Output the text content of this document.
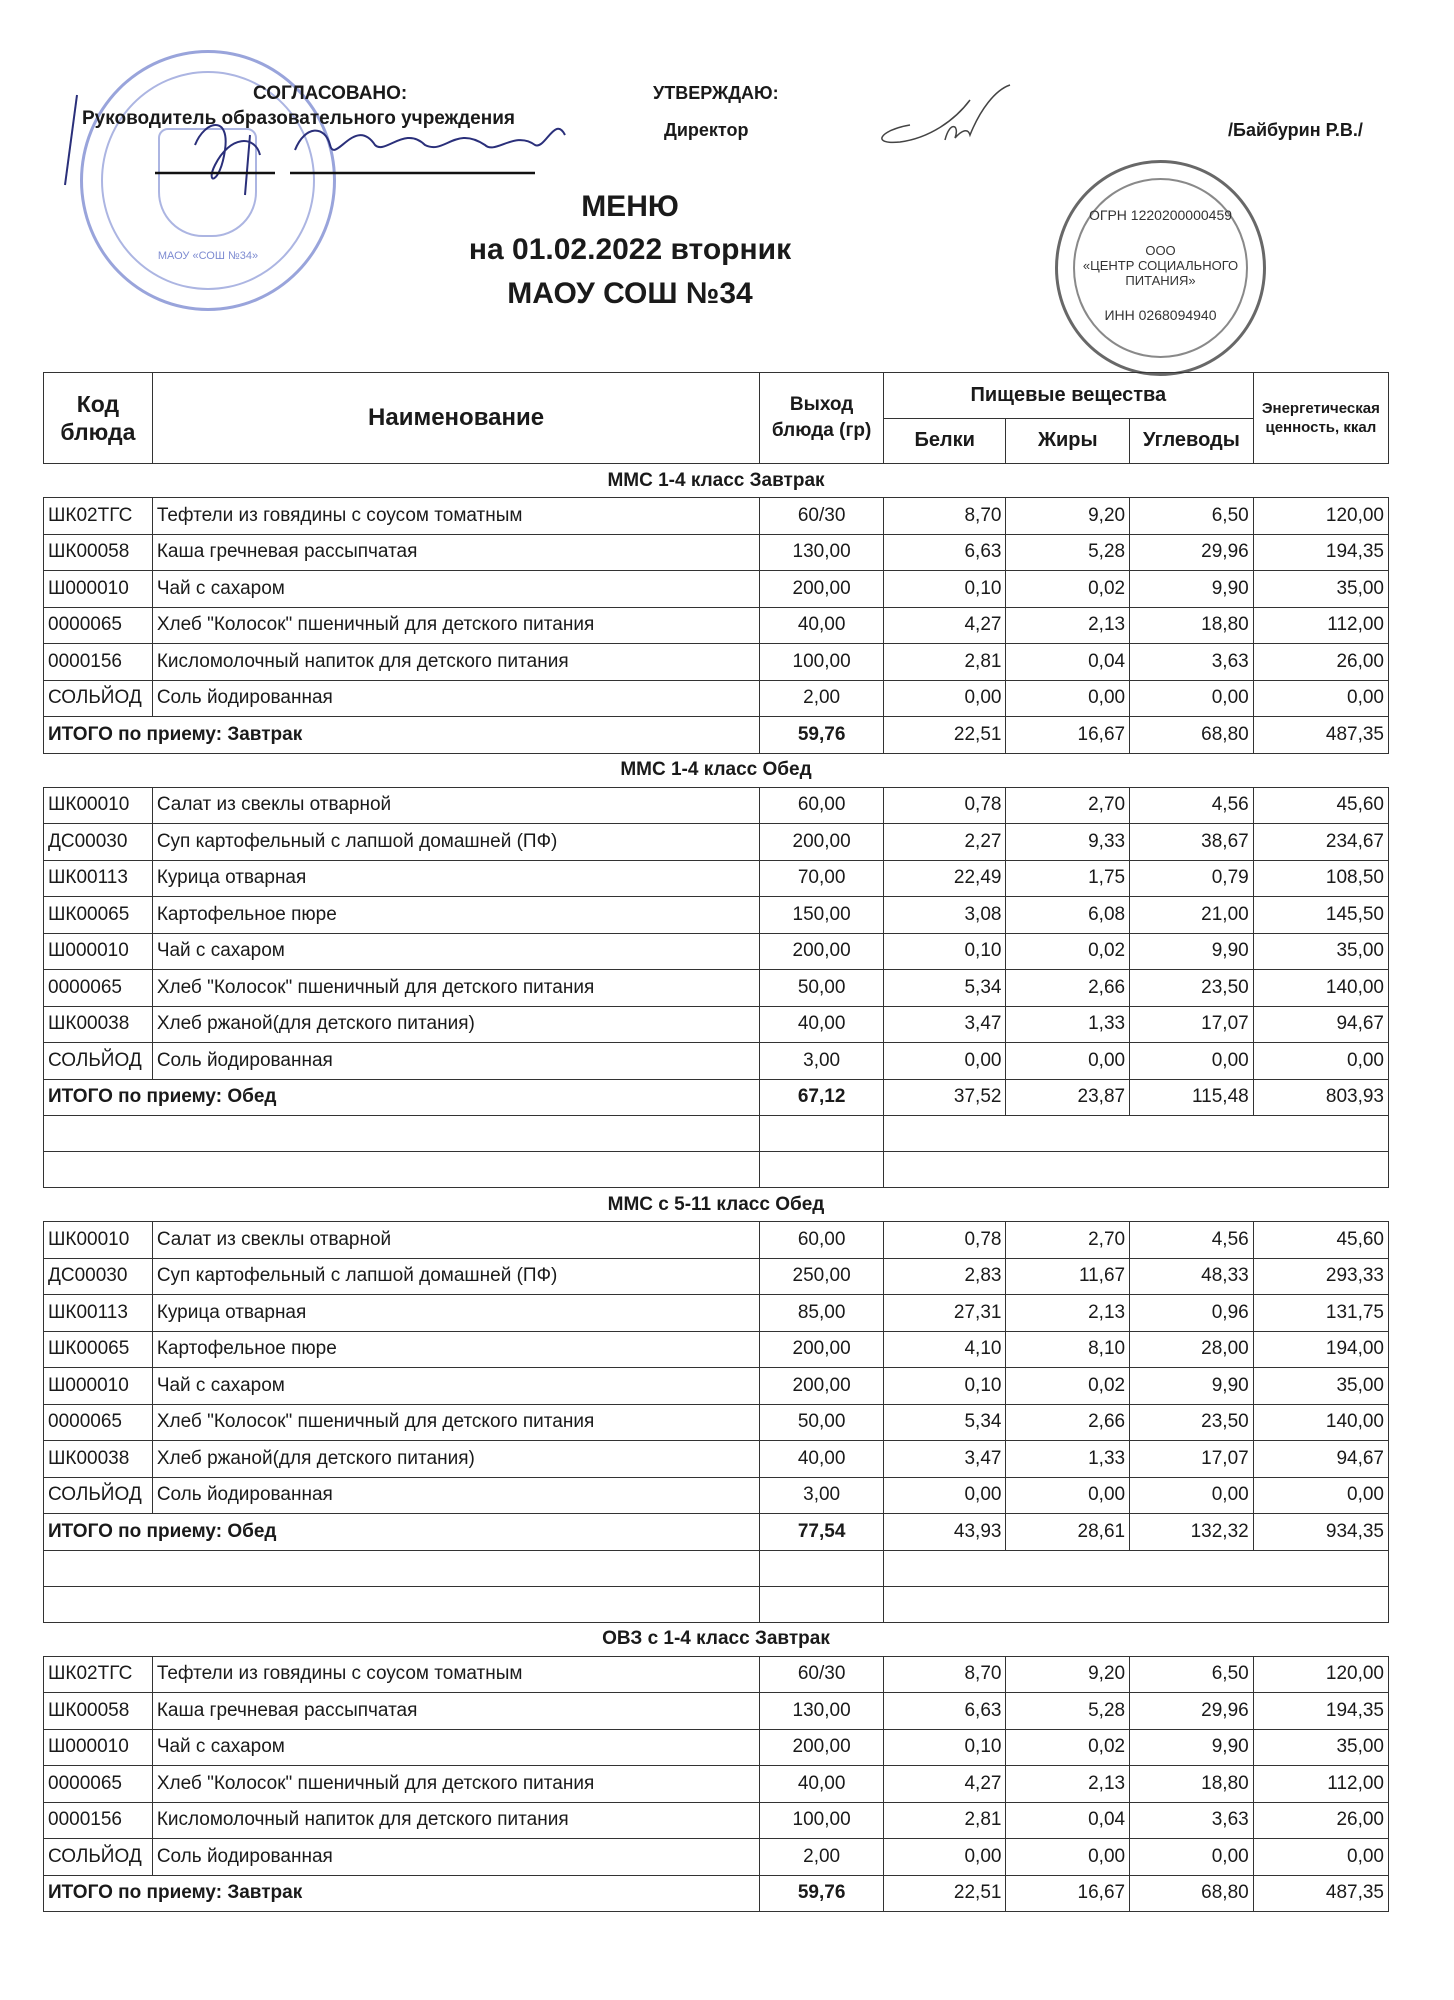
МАОУ «СОШ №34»
СОГЛАСОВАНО:
Руководитель образовательного учреждения
УТВЕРЖДАЮ:
Директор	/Байбурин Р.В./
ОГРН 1220200000459
ООО
«ЦЕНТР СОЦИАЛЬНОГО
ПИТАНИЯ»
ИНН 0268094940
МЕНЮ
на 01.02.2022 вторник
МАОУ СОШ №34
Код блюда	Наименование	Выход блюда (гр)	Пищевые вещества			Энергетическая ценность, ккал
			Белки	Жиры	Углеводы	
ММС 1-4 класс Завтрак						
ШК02ТГС	Тефтели из говядины с соусом томатным	60/30	8,70	9,20	6,50	120,00
ШК00058	Каша гречневая рассыпчатая	130,00	6,63	5,28	29,96	194,35
Ш000010	Чай с сахаром	200,00	0,10	0,02	9,90	35,00
0000065	Хлеб "Колосок" пшеничный для детского питания	40,00	4,27	2,13	18,80	112,00
0000156	Кисломолочный напиток для детского питания	100,00	2,81	0,04	3,63	26,00
СОЛЬЙОД	Соль йодированная	2,00	0,00	0,00	0,00	0,00
ИТОГО по приему: Завтрак		59,76	22,51	16,67	68,80	487,35
ММС 1-4 класс Обед						
ШК00010	Салат из свеклы отварной	60,00	0,78	2,70	4,56	45,60
ДС00030	Суп картофельный с лапшой домашней (ПФ)	200,00	2,27	9,33	38,67	234,67
ШК00113	Курица отварная	70,00	22,49	1,75	0,79	108,50
ШК00065	Картофельное пюре	150,00	3,08	6,08	21,00	145,50
Ш000010	Чай с сахаром	200,00	0,10	0,02	9,90	35,00
0000065	Хлеб "Колосок" пшеничный для детского питания	50,00	5,34	2,66	23,50	140,00
ШК00038	Хлеб ржаной(для детского питания)	40,00	3,47	1,33	17,07	94,67
СОЛЬЙОД	Соль йодированная	3,00	0,00	0,00	0,00	0,00
ИТОГО по приему: Обед		67,12	37,52	23,87	115,48	803,93

ММС с 5-11 класс Обед						
ШК00010	Салат из свеклы отварной	60,00	0,78	2,70	4,56	45,60
ДС00030	Суп картофельный с лапшой домашней (ПФ)	250,00	2,83	11,67	48,33	293,33
ШК00113	Курица отварная	85,00	27,31	2,13	0,96	131,75
ШК00065	Картофельное пюре	200,00	4,10	8,10	28,00	194,00
Ш000010	Чай с сахаром	200,00	0,10	0,02	9,90	35,00
0000065	Хлеб "Колосок" пшеничный для детского питания	50,00	5,34	2,66	23,50	140,00
ШК00038	Хлеб ржаной(для детского питания)	40,00	3,47	1,33	17,07	94,67
СОЛЬЙОД	Соль йодированная	3,00	0,00	0,00	0,00	0,00
ИТОГО по приему: Обед		77,54	43,93	28,61	132,32	934,35

ОВЗ с 1-4 класс Завтрак						
ШК02ТГС	Тефтели из говядины с соусом томатным	60/30	8,70	9,20	6,50	120,00
ШК00058	Каша гречневая рассыпчатая	130,00	6,63	5,28	29,96	194,35
Ш000010	Чай с сахаром	200,00	0,10	0,02	9,90	35,00
0000065	Хлеб "Колосок" пшеничный для детского питания	40,00	4,27	2,13	18,80	112,00
0000156	Кисломолочный напиток для детского питания	100,00	2,81	0,04	3,63	26,00
СОЛЬЙОД	Соль йодированная	2,00	0,00	0,00	0,00	0,00
ИТОГО по приему: Завтрак		59,76	22,51	16,67	68,80	487,35
